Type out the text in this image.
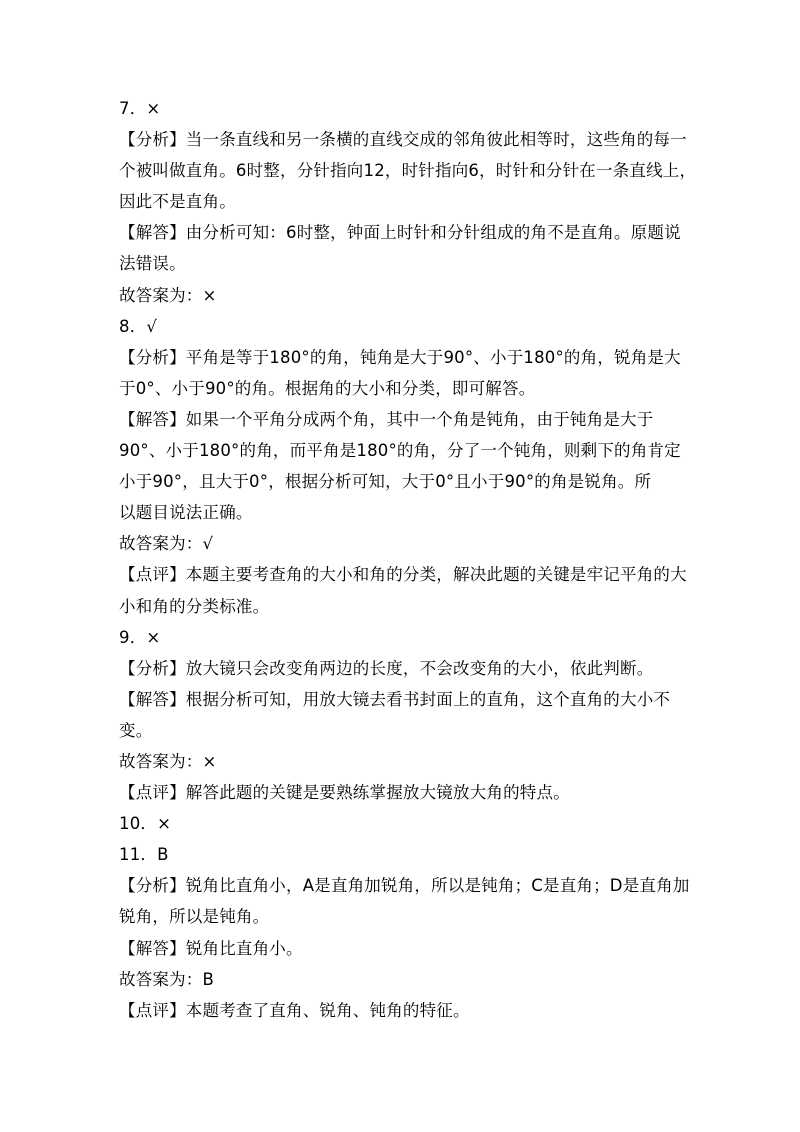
7．×
【分析】当一条直线和另一条横的直线交成的邻角彼此相等时，这些角的每一
个被叫做直角。6时整，分针指向12，时针指向6，时针和分针在一条直线上，
因此不是直角。
【解答】由分析可知：6时整，钟面上时针和分针组成的角不是直角。原题说
法错误。
故答案为：×
8．√
【分析】平角是等于180°的角，钝角是大于90°、小于180°的角，锐角是大
于0°、小于90°的角。根据角的大小和分类，即可解答。
【解答】如果一个平角分成两个角，其中一个角是钝角，由于钝角是大于
90°、小于180°的角，而平角是180°的角，分了一个钝角，则剩下的角肯定
小于90°，且大于0°，根据分析可知，大于0°且小于90°的角是锐角。所
以题目说法正确。
故答案为：√
【点评】本题主要考查角的大小和角的分类，解决此题的关键是牢记平角的大
小和角的分类标准。
9．×
【分析】放大镜只会改变角两边的长度，不会改变角的大小，依此判断。
【解答】根据分析可知，用放大镜去看书封面上的直角，这个直角的大小不
变。
故答案为：×
【点评】解答此题的关键是要熟练掌握放大镜放大角的特点。
10．×
11．B
【分析】锐角比直角小，A是直角加锐角，所以是钝角；C是直角；D是直角加
锐角，所以是钝角。
【解答】锐角比直角小。
故答案为：B
【点评】本题考查了直角、锐角、钝角的特征。
